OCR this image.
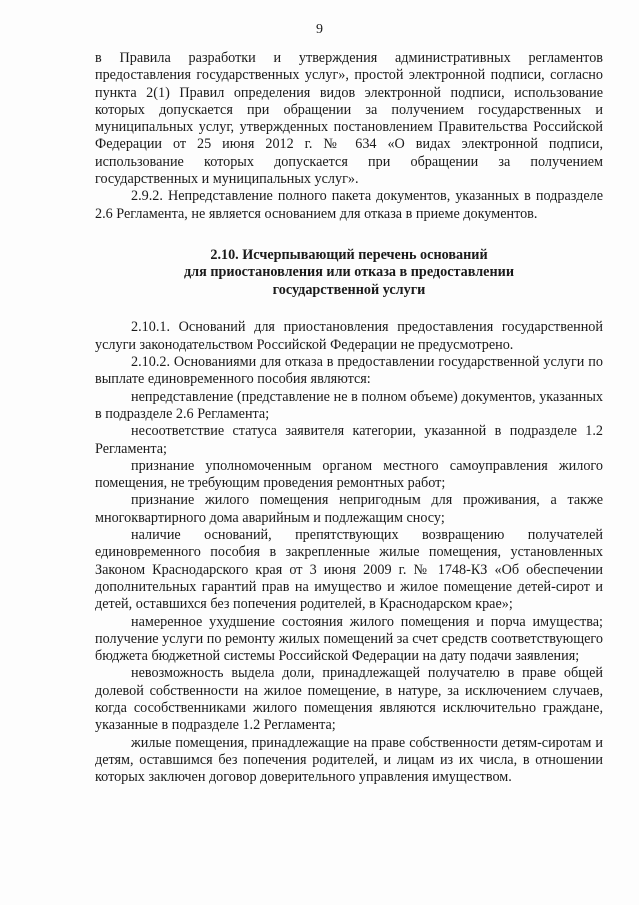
9

в Правила разработки и утверждения административных регламентов предоставления государственных услуг», простой электронной подписи, согласно пункта 2(1) Правил определения видов электронной подписи, использование которых допускается при обращении за получением государственных и муниципальных услуг, утвержденных постановлением Правительства Российской Федерации от 25 июня 2012 г. № 634 «О видах электронной подписи, использование которых допускается при обращении за получением государственных и муниципальных услуг».

2.9.2. Непредставление полного пакета документов, указанных в подразделе 2.6 Регламента, не является основанием для отказа в приеме документов.

2.10. Исчерпывающий перечень оснований
для приостановления или отказа в предоставлении
государственной услуги

2.10.1. Оснований для приостановления предоставления государственной услуги законодательством Российской Федерации не предусмотрено.

2.10.2. Основаниями для отказа в предоставлении государственной услуги по выплате единовременного пособия являются:

непредставление (представление не в полном объеме) документов, указанных в подразделе 2.6 Регламента;

несоответствие статуса заявителя категории, указанной в подразделе 1.2 Регламента;

признание уполномоченным органом местного самоуправления жилого помещения, не требующим проведения ремонтных работ;

признание жилого помещения непригодным для проживания, а также многоквартирного дома аварийным и подлежащим сносу;

наличие оснований, препятствующих возвращению получателей единовременного пособия в закрепленные жилые помещения, установленных Законом Краснодарского края от 3 июня 2009 г. № 1748-КЗ «Об обеспечении дополнительных гарантий прав на имущество и жилое помещение детей-сирот и детей, оставшихся без попечения родителей, в Краснодарском крае»;

намеренное ухудшение состояния жилого помещения и порча имущества; получение услуги по ремонту жилых помещений за счет средств соответствующего бюджета бюджетной системы Российской Федерации на дату подачи заявления;

невозможность выдела доли, принадлежащей получателю в праве общей долевой собственности на жилое помещение, в натуре, за исключением случаев, когда сособственниками жилого помещения являются исключительно граждане, указанные в подразделе 1.2 Регламента;

жилые помещения, принадлежащие на праве собственности детям-сиротам и детям, оставшимся без попечения родителей, и лицам из их числа, в отношении которых заключен договор доверительного управления имуществом.
